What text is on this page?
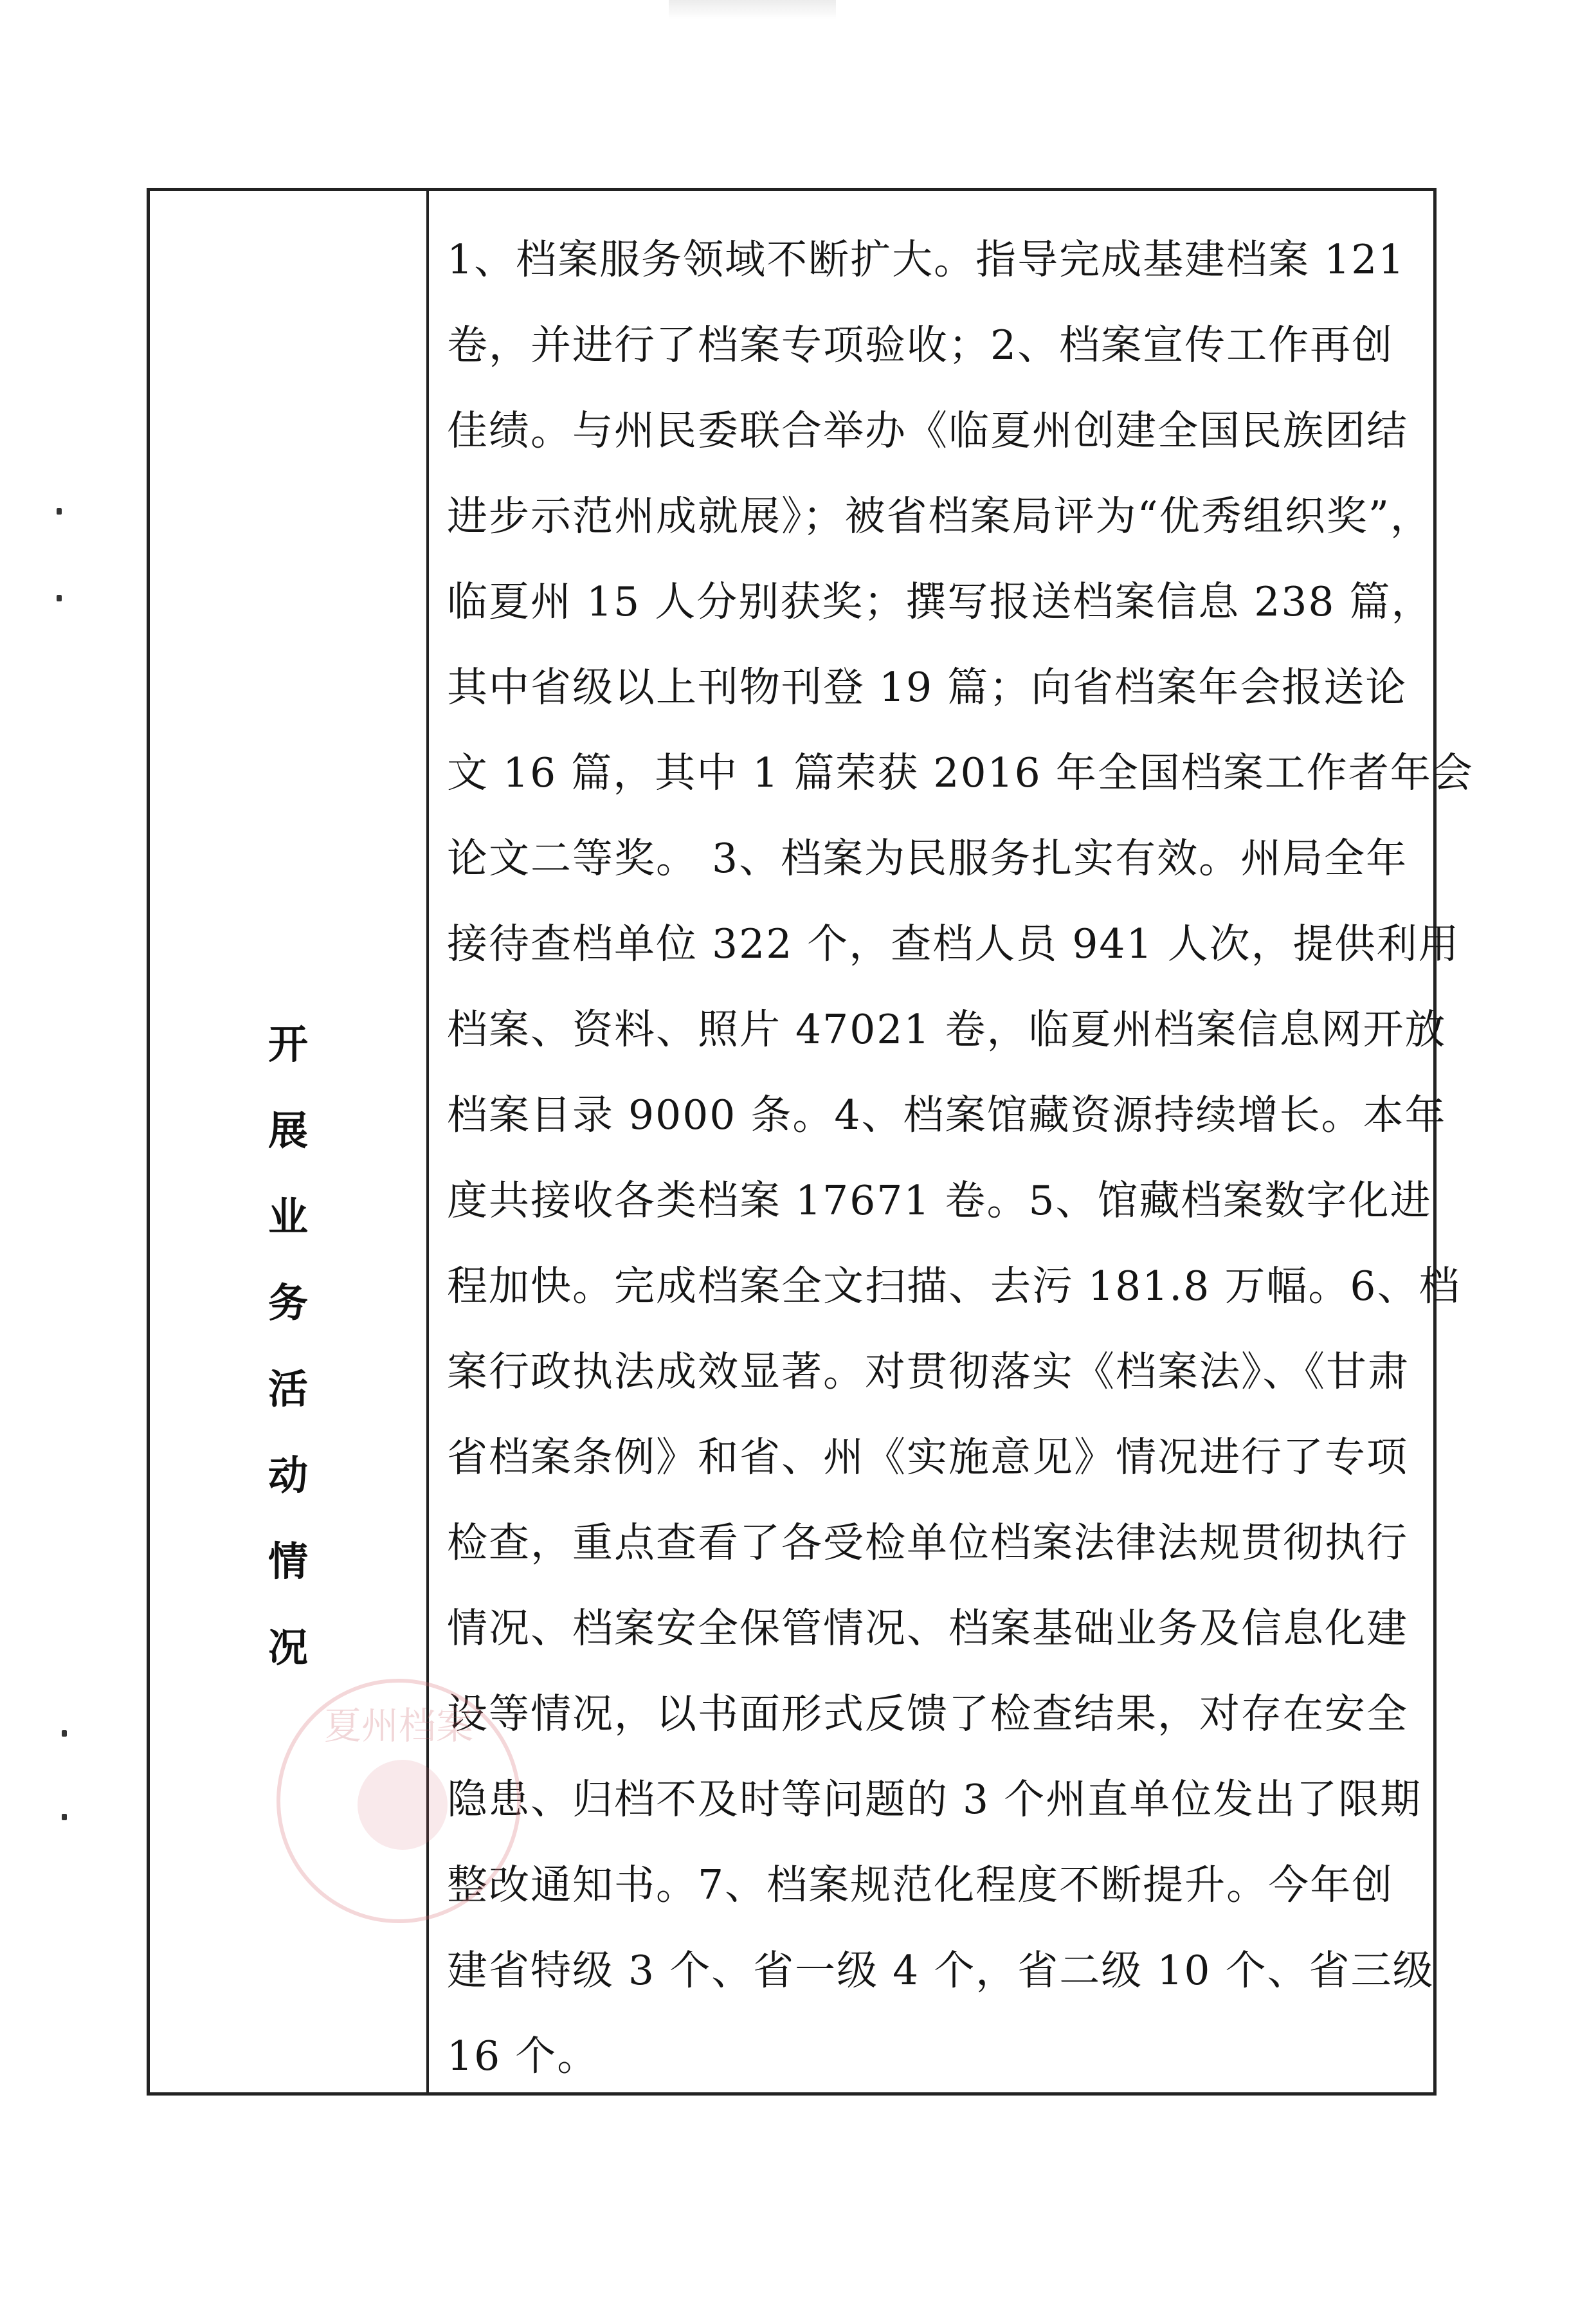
开
展
业
务
活
动
情
况
1、档案服务领域不断扩大。指导完成基建档案 121
卷，并进行了档案专项验收；2、档案宣传工作再创
佳绩。与州民委联合举办《临夏州创建全国民族团结
进步示范州成就展》；被省档案局评为“优秀组织奖”，
临夏州 15 人分别获奖；撰写报送档案信息 238 篇，
其中省级以上刊物刊登 19 篇；向省档案年会报送论
文 16 篇，其中 1 篇荣获 2016 年全国档案工作者年会
论文二等奖。 3、档案为民服务扎实有效。州局全年
接待查档单位 322 个，查档人员 941 人次，提供利用
档案、资料、照片 47021 卷，临夏州档案信息网开放
档案目录 9000 条。4、档案馆藏资源持续增长。本年
度共接收各类档案 17671 卷。5、馆藏档案数字化进
程加快。完成档案全文扫描、去污 181.8 万幅。6、档
案行政执法成效显著。对贯彻落实《档案法》、《甘肃
省档案条例》和省、州《实施意见》情况进行了专项
检查，重点查看了各受检单位档案法律法规贯彻执行
情况、档案安全保管情况、档案基础业务及信息化建
设等情况，以书面形式反馈了检查结果，对存在安全
隐患、归档不及时等问题的 3 个州直单位发出了限期
整改通知书。7、档案规范化程度不断提升。今年创
建省特级 3 个、省一级 4 个，省二级 10 个、省三级
16 个。
夏州档案
